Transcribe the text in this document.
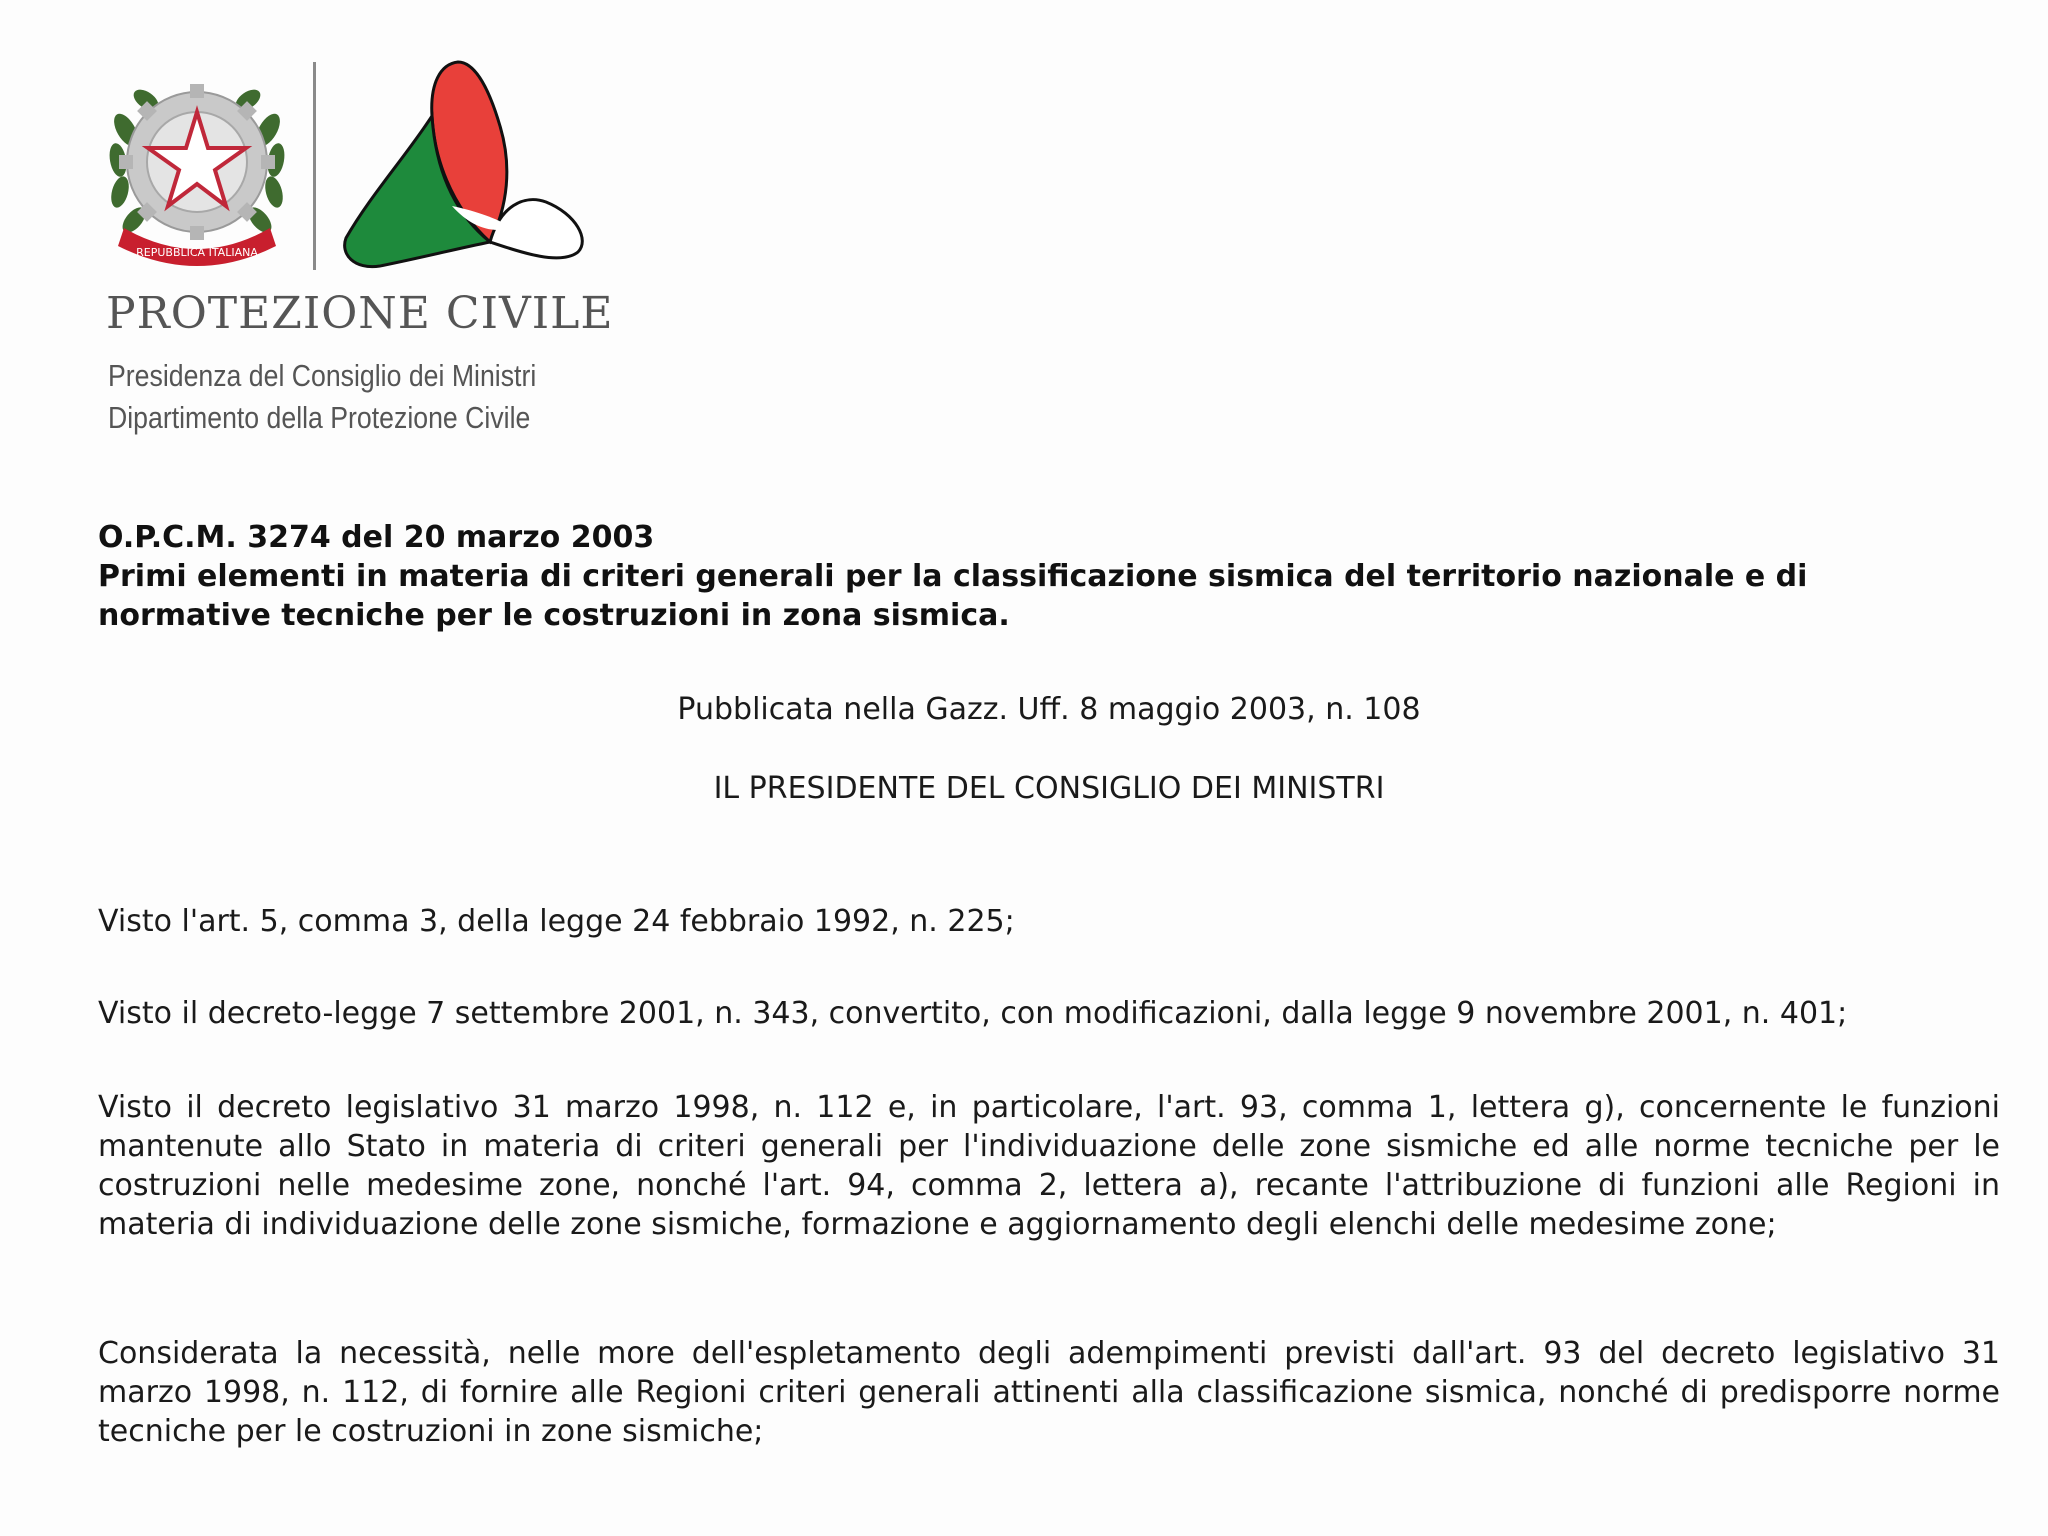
REPUBBLICA ITALIANA
PROTEZIONE CIVILE
Presidenza del Consiglio dei Ministri
Dipartimento della Protezione Civile
O.P.C.M. 3274 del 20 marzo 2003
Primi elementi in materia di criteri generali per la classificazione sismica del territorio nazionale e di
normative tecniche per le costruzioni in zona sismica.
Pubblicata nella Gazz. Uff. 8 maggio 2003, n. 108
IL PRESIDENTE DEL CONSIGLIO DEI MINISTRI

Visto l'art. 5, comma 3, della legge 24 febbraio 1992, n. 225;

Visto il decreto-legge 7 settembre 2001, n. 343, convertito, con modificazioni, dalla legge 9 novembre 2001, n. 401;

Visto il decreto legislativo 31 marzo 1998, n. 112 e, in particolare, l'art. 93, comma 1, lettera g), concernente le funzioni mantenute allo Stato in materia di criteri generali per l'individuazione delle zone sismiche ed alle norme tecniche per le costruzioni nelle medesime zone, nonché l'art. 94, comma 2, lettera a), recante l'attribuzione di funzioni alle Regioni in materia di individuazione delle zone sismiche, formazione e aggiornamento degli elenchi delle medesime zone;

Considerata la necessità, nelle more dell'espletamento degli adempimenti previsti dall'art. 93 del decreto legislativo 31 marzo 1998, n. 112, di fornire alle Regioni criteri generali attinenti alla classificazione sismica, nonché di predisporre norme tecniche per le costruzioni in zone sismiche;
